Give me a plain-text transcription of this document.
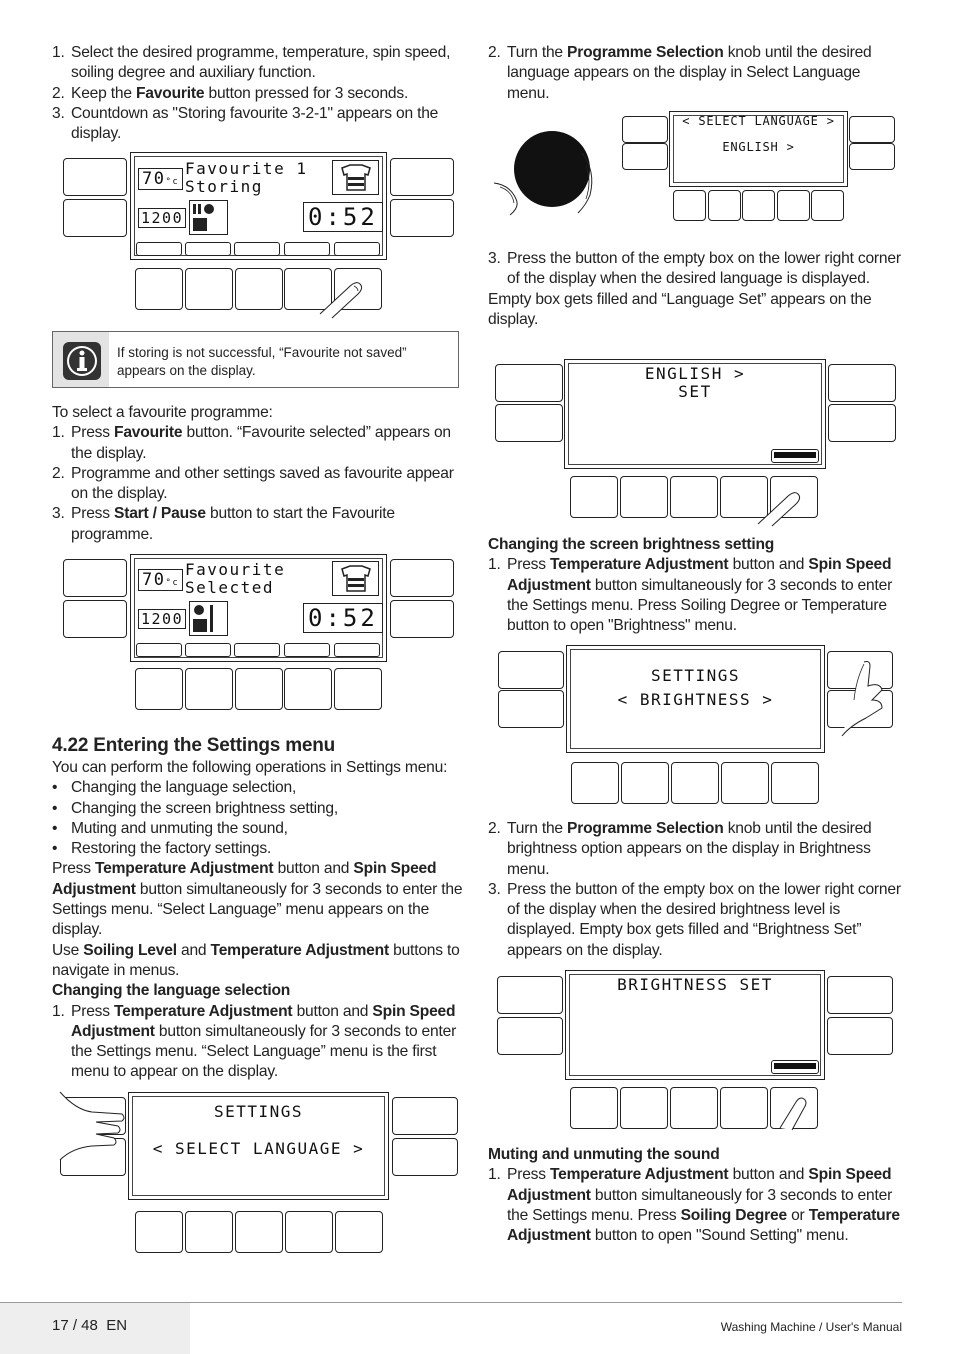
1. Select the desired programme, temperature, spin speed, soiling degree and auxiliary function.

2. Keep the Favourite button pressed for 3 seconds.

3. Countdown as "Storing favourite 3-2-1" appears on the display.

70°c
Favourite 1
Storing
1200	0:52
If storing is not successful, “Favourite not saved” appears on the display.

To select a favourite programme:

1. Press Favourite button. “Favourite selected” appears on the display.

2. Programme and other settings saved as favourite appear on the display.

3. Press Start / Pause button to start the Favourite programme.

70°c
Favourite
Selected
1200	0:52

4.22 Entering the Settings menu

You can perform the following operations in Settings menu:

• Changing the language selection,

• Changing the screen brightness setting,

• Muting and unmuting the sound,

• Restoring the factory settings.

Press Temperature Adjustment button and Spin Speed Adjustment button simultaneously for 3 seconds to enter the Settings menu. “Select Language” menu appears on the display.

Use Soiling Level and Temperature Adjustment buttons to navigate in menus.

Changing the language selection

1. Press Temperature Adjustment button and Spin Speed Adjustment button simultaneously for 3 seconds to enter the Settings menu. “Select Language” menu is the first menu to appear on the display.

SETTINGS
< SELECT LANGUAGE >

2. Turn the Programme Selection knob until the desired language appears on the display in Select Language menu.

< SELECT LANGUAGE >
ENGLISH >

3. Press the button of the empty box on the lower right corner of the display when the desired language is displayed.

Empty box gets filled and “Language Set” appears on the display.

ENGLISH >
SET

Changing the screen brightness setting

1. Press Temperature Adjustment button and Spin Speed Adjustment button simultaneously for 3 seconds to enter the Settings menu. Press Soiling Degree or Temperature button to open "Brightness" menu.

SETTINGS
< BRIGHTNESS >

2. Turn the Programme Selection knob until the desired brightness option appears on the display in Brightness menu.

3. Press the button of the empty box on the lower right corner of the display when the desired brightness level is displayed. Empty box gets filled and “Brightness Set” appears on the display.

BRIGHTNESS SET

Muting and unmuting the sound

1. Press Temperature Adjustment button and Spin Speed Adjustment button simultaneously for 3 seconds to enter the Settings menu. Press Soiling Degree or Temperature Adjustment button to open "Sound Setting" menu.

17 / 48  EN	Washing Machine / User's Manual
